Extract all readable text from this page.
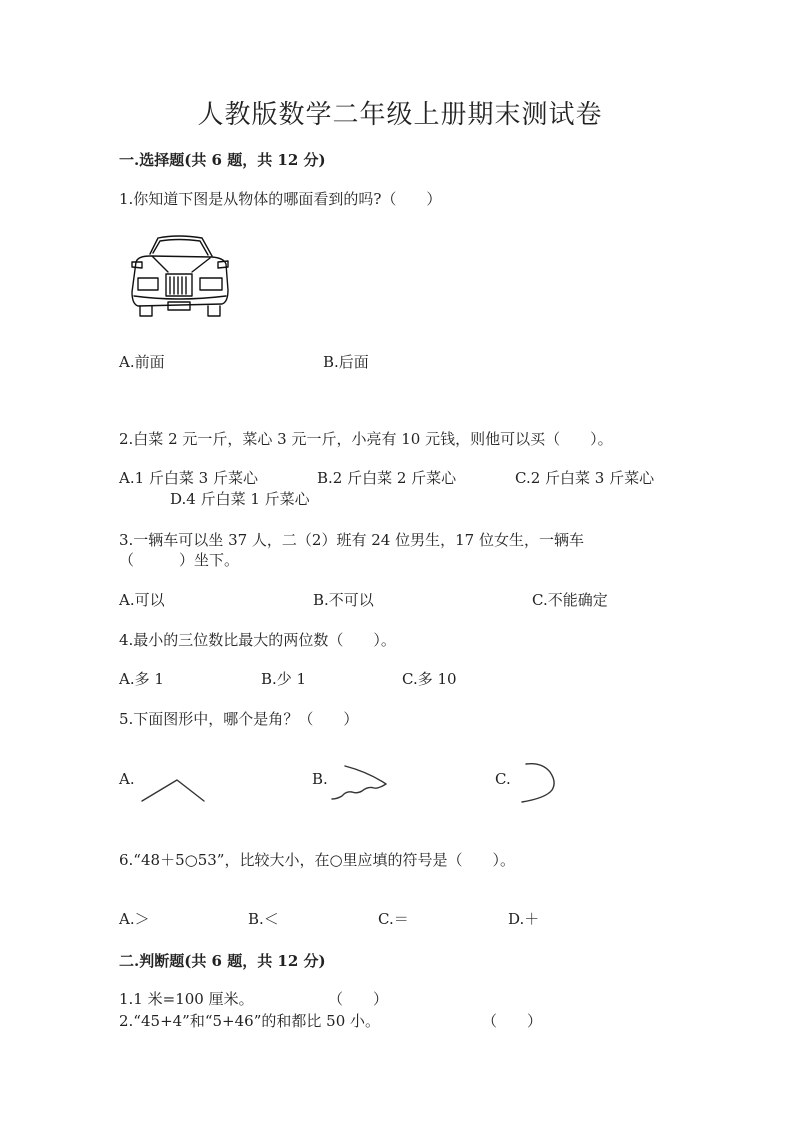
人教版数学二年级上册期末测试卷
一.选择题(共 6 题，共 12 分)
1.你知道下图是从物体的哪面看到的吗?（　　）
A.前面	B.后面
2.白菜 2 元一斤，菜心 3 元一斤，小亮有 10 元钱，则他可以买（　　）。
A.1 斤白菜 3 斤菜心	B.2 斤白菜 2 斤菜心	C.2 斤白菜 3 斤菜心
D.4 斤白菜 1 斤菜心
3.一辆车可以坐 37 人，二（2）班有 24 位男生，17 位女生，一辆车
（　　　）坐下。
A.可以	B.不可以	C.不能确定
4.最小的三位数比最大的两位数（　　）。
A.多 1	B.少 1	C.多 10
5.下面图形中，哪个是角？（　　）
A.	B.	C.
6.“48＋5○53”，比较大小，在○里应填的符号是（　　）。
A.＞	B.＜	C.＝	D.＋
二.判断题(共 6 题，共 12 分)
1.1 米=100 厘米。	（　　）
2.“45+4”和“5+46”的和都比 50 小。	（　　）
